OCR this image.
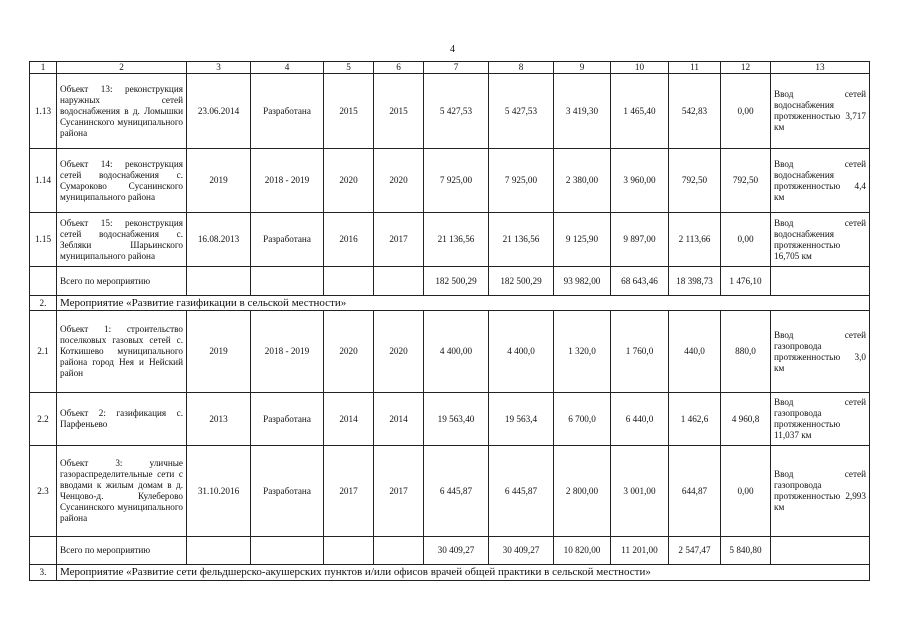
4
1	2	3	4	5	6	7	8	9	10	11	12	13
1.13	Объект 13: реконструкция наружных сетей водоснабжения в д. Ломышки Сусанинского муниципального района	23.06.2014	Разработана	2015	2015	5 427,53	5 427,53	3 419,30	1 465,40	542,83	0,00	Ввод сетей водоснабжения протяженностью 3,717 км
1.14	Объект 14: реконструкция сетей водоснабжения с. Сумароково Сусанинского муниципального района	2019	2018 - 2019	2020	2020	7 925,00	7 925,00	2 380,00	3 960,00	792,50	792,50	Ввод сетей водоснабжения протяженностью 4,4 км
1.15	Объект 15: реконструкция сетей водоснабжения с. Зебляки Шарьинского муниципального района	16.08.2013	Разработана	2016	2017	21 136,56	21 136,56	9 125,90	9 897,00	2 113,66	0,00	Ввод сетей водоснабжения протяженностью 16,705 км
	Всего по мероприятию					182 500,29	182 500,29	93 982,00	68 643,46	18 398,73	1 476,10	
2.	Мероприятие «Развитие газификации в сельской местности»											
2.1	Объект 1: строительство поселковых газовых сетей с. Коткишево муниципального района город Нея и Нейский район	2019	2018 - 2019	2020	2020	4 400,00	4 400,0	1 320,0	1 760,0	440,0	880,0	Ввод сетей газопровода протяженностью 3,0 км
2.2	Объект 2: газификация с. Парфеньево	2013	Разработана	2014	2014	19 563,40	19 563,4	6 700,0	6 440,0	1 462,6	4 960,8	Ввод сетей газопровода протяженностью 11,037 км
2.3	Объект 3: уличные газораспределительные сети с вводами к жилым домам в д. Ченцово-д. Кулеберово Сусанинского муниципального района	31.10.2016	Разработана	2017	2017	6 445,87	6 445,87	2 800,00	3 001,00	644,87	0,00	Ввод сетей газопровода протяженностью 2,993 км
	Всего по мероприятию					30 409,27	30 409,27	10 820,00	11 201,00	2 547,47	5 840,80	
3.	Мероприятие «Развитие сети фельдшерско-акушерских пунктов и/или офисов врачей общей практики в сельской местности»											
